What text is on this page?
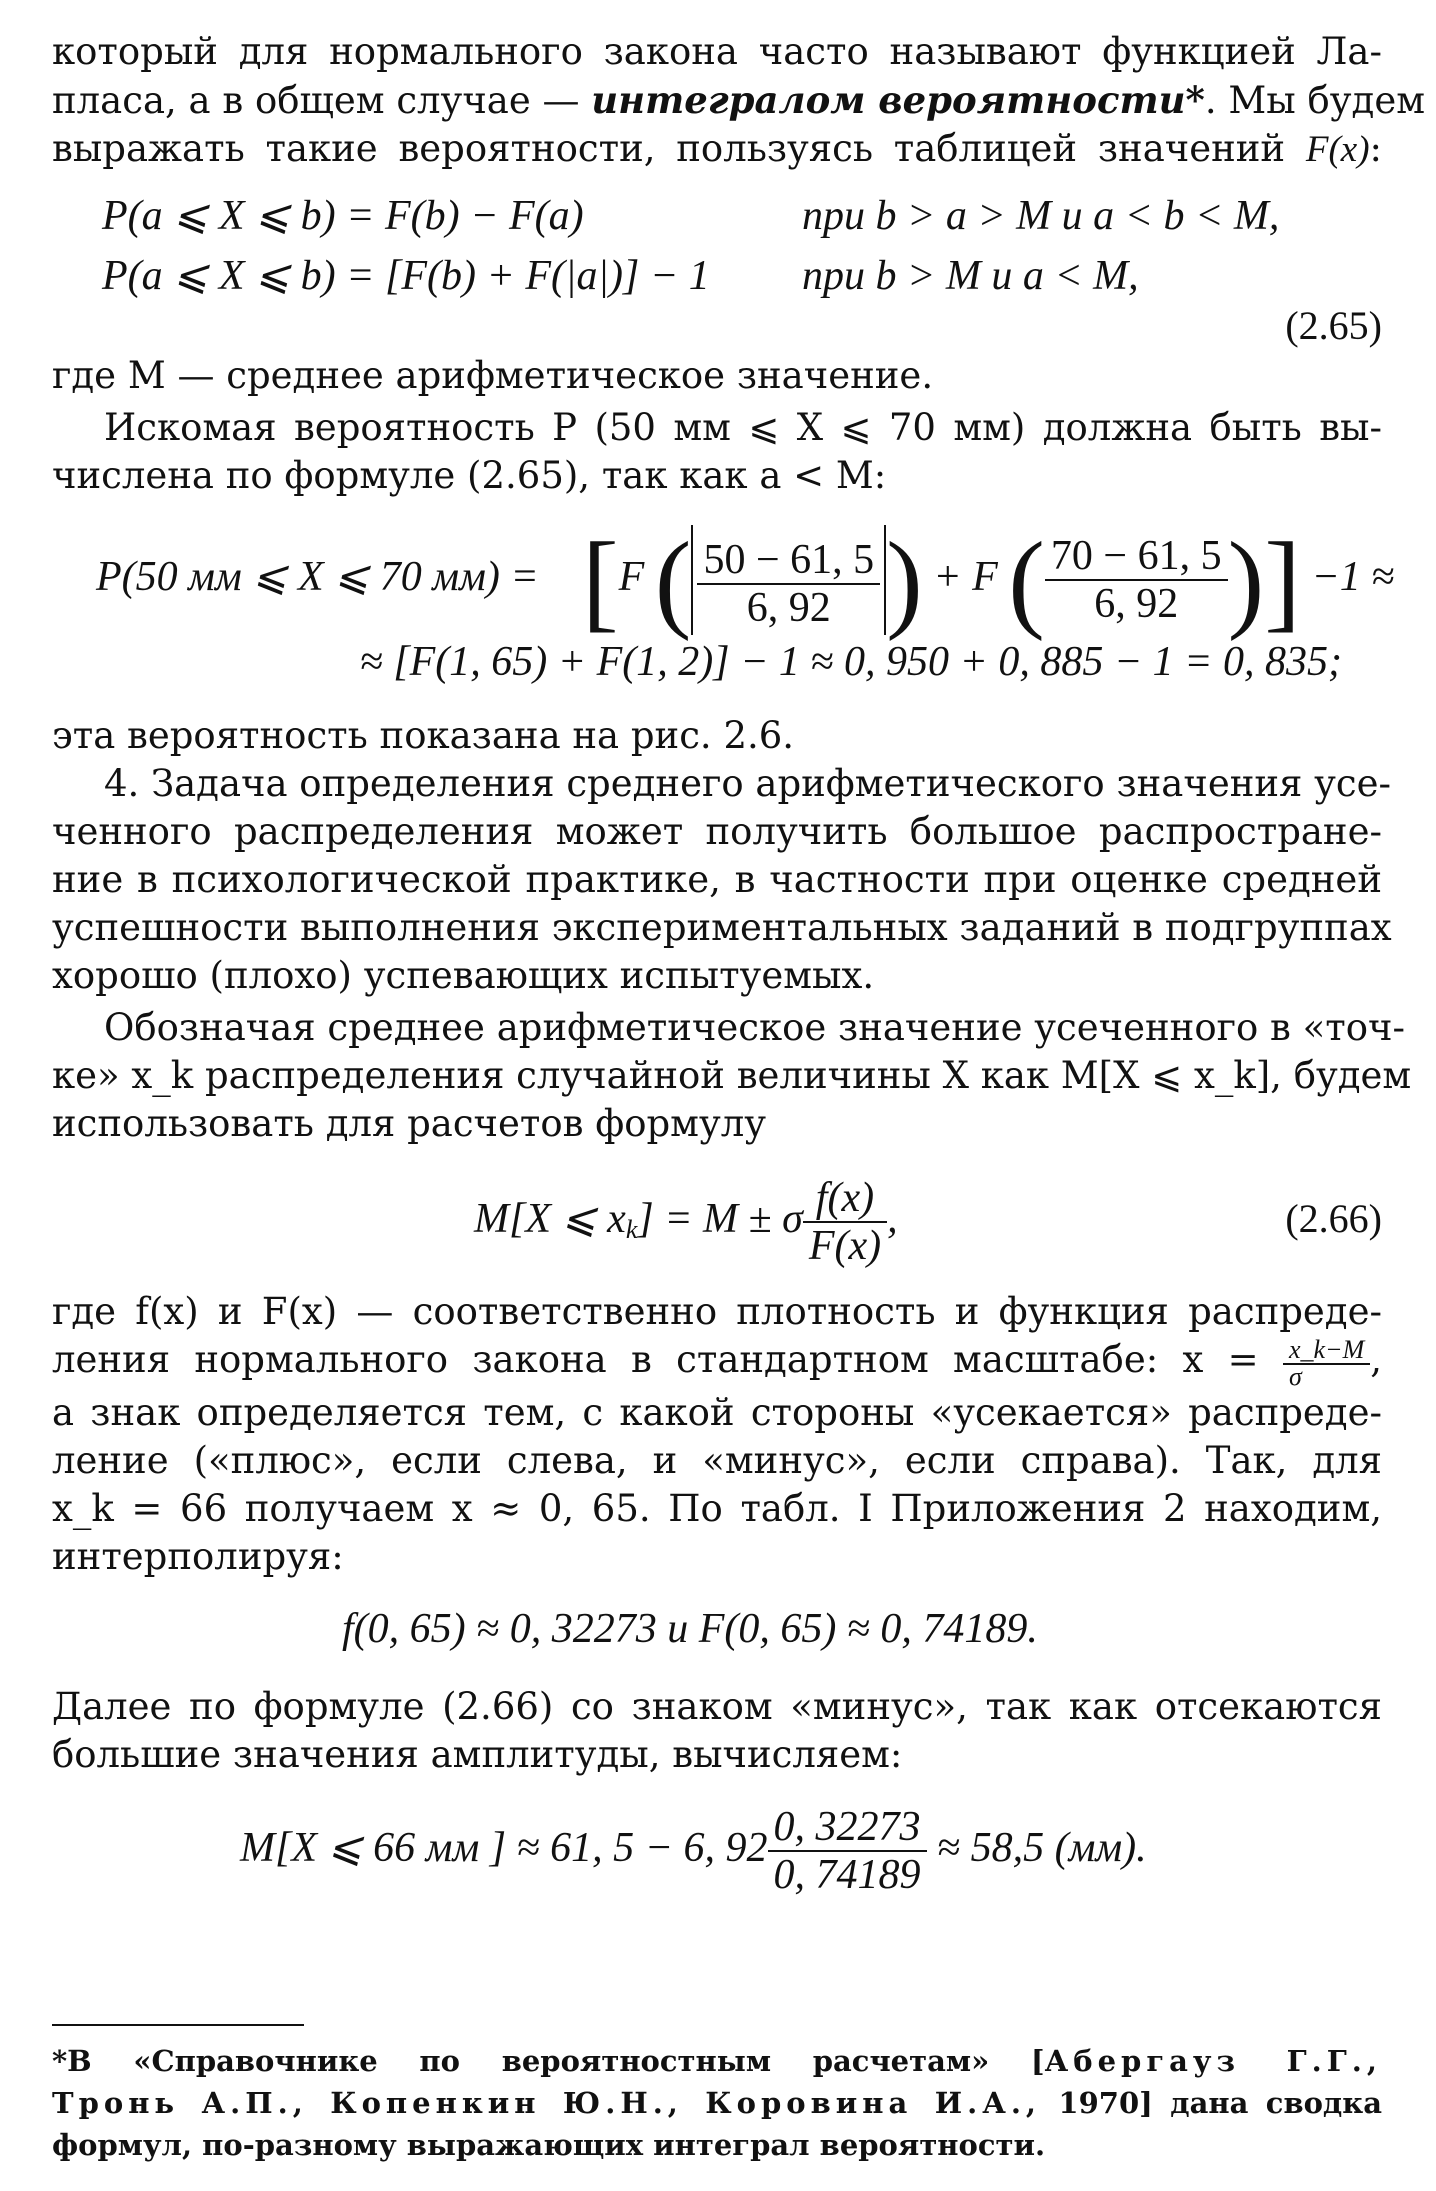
который для нормального закона часто называют функцией Ла-
пласа, а в общем случае — интегралом вероятности*. Мы будем
выражать такие вероятности, пользуясь таблицей значений F(x):
P(a ⩽ X ⩽ b) = F(b) − F(a)	при b > a > M и a < b < M,
P(a ⩽ X ⩽ b) = [F(b) + F(|a|)] − 1 при b > M и a < M,
(2.65)
где M — среднее арифметическое значение.
Искомая вероятность P (50 мм ⩽ X ⩽ 70 мм) должна быть вы-
числена по формуле (2.65), так как a < M:
P(50 мм ⩽ X ⩽ 70 мм) = [F ( $\frac{50 - 61, 5}{6, 92}$ ) + F ( $\frac{70 - 61, 5}{6, 92}$ )] −1 ≈
≈ [F(1, 65) + F(1, 2)] − 1 ≈ 0, 950 + 0, 885 − 1 = 0, 835;
эта вероятность показана на рис. 2.6.
4. Задача определения среднего арифметического значения усе-
ченного распределения может получить большое распростране-
ние в психологической практике, в частности при оценке средней
успешности выполнения экспериментальных заданий в подгруппах
хорошо (плохо) успевающих испытуемых.
Обозначая среднее арифметическое значение усеченного в «точ-
ке» x_k распределения случайной величины X как M[X ⩽ x_k], будем
использовать для расчетов формулу
M[X ⩽ $x_k] = M \pm \sigma \frac{f(x)}{F(x)}$ ,	(2.66)
где f(x) и F(x) — соответственно плотность и функция распреде-
ления нормального закона в стандартном масштабе: $x = \frac{x\_k-M}{\sigma}$ ,
а знак определяется тем, с какой стороны «усекается» распреде-
ление («плюс», если слева, и «минус», если справа). Так, для
x_k = 66 получаем x ≈ 0, 65. По табл. I Приложения 2 находим,
интерполируя:
f(0, 65) ≈ 0, 32273 и F(0, 65) ≈ 0, 74189.
Далее по формуле (2.66) со знаком «минус», так как отсекаются
большие значения амплитуды, вычисляем:
M[X ⩽ 66 мм ] ≈ 61, 5 − 6, $92 \frac{0, 32273}{0, 74189} \approx 58,5$ (мм).
*В «Справочнике по вероятностным расчетам» [Абергауз Г.Г.,
Тронь А.П., Копенкин Ю.Н., Коровина И.А., 1970] дана сводка
формул, по-разному выражающих интеграл вероятности.
